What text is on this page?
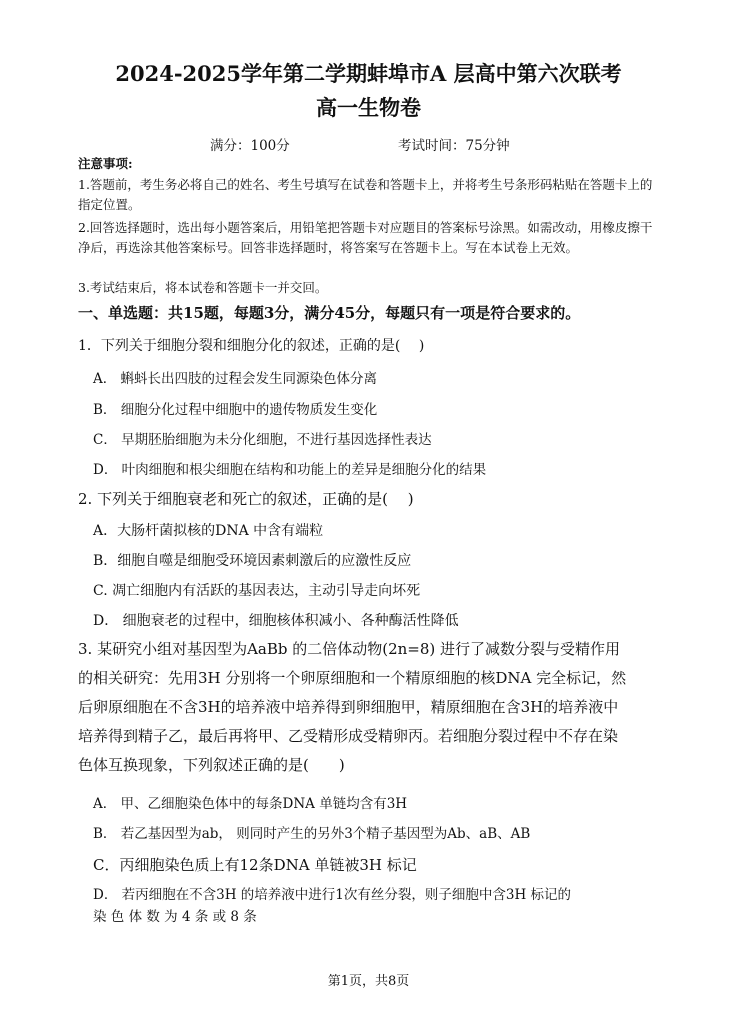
2024-2025学年第二学期蚌埠市A 层高中第六次联考
高一生物卷
满分：100分	考试时间：75分钟
注意事项:
1.答题前，考生务必将自己的姓名、考生号填写在试卷和答题卡上，并将考生号条形码粘贴在答题卡上的指定位置。
2.回答选择题时，选出每小题答案后，用铅笔把答题卡对应题目的答案标号涂黑。如需改动，用橡皮擦干净后，再选涂其他答案标号。回答非选择题时，将答案写在答题卡上。写在本试卷上无效。
3.考试结束后，将本试卷和答题卡一并交回。
一、单选题：共15题，每题3分，满分45分，每题只有一项是符合要求的。
1．下列关于细胞分裂和细胞分化的叙述，正确的是(　 )
A． 蝌蚪长出四肢的过程会发生同源染色体分离
B． 细胞分化过程中细胞中的遗传物质发生变化
C． 早期胚胎细胞为未分化细胞，不进行基因选择性表达
D． 叶肉细胞和根尖细胞在结构和功能上的差异是细胞分化的结果
2. 下列关于细胞衰老和死亡的叙述，正确的是(　 )
A．大肠杆菌拟核的DNA 中含有端粒
B．细胞自噬是细胞受环境因素刺激后的应激性反应
C. 凋亡细胞内有活跃的基因表达，主动引导走向坏死
D． 细胞衰老的过程中，细胞核体积减小、各种酶活性降低
3. 某研究小组对基因型为AaBb 的二倍体动物(2n=8) 进行了减数分裂与受精作用
的相关研究：先用3H 分别将一个卵原细胞和一个精原细胞的核DNA 完全标记，然
后卵原细胞在不含3H的培养液中培养得到卵细胞甲，精原细胞在含3H的培养液中
培养得到精子乙，最后再将甲、乙受精形成受精卵丙。若细胞分裂过程中不存在染
色体互换现象，下列叙述正确的是(　　)
A． 甲、乙细胞染色体中的每条DNA 单链均含有3H
B． 若乙基因型为ab， 则同时产生的另外3个精子基因型为Ab、aB、AB
C．丙细胞染色质上有12条DNA 单链被3H 标记
D． 若丙细胞在不含3H 的培养液中进行1次有丝分裂，则子细胞中含3H 标记的
染 色 体 数 为 4 条 或 8 条
第1页，共8页
